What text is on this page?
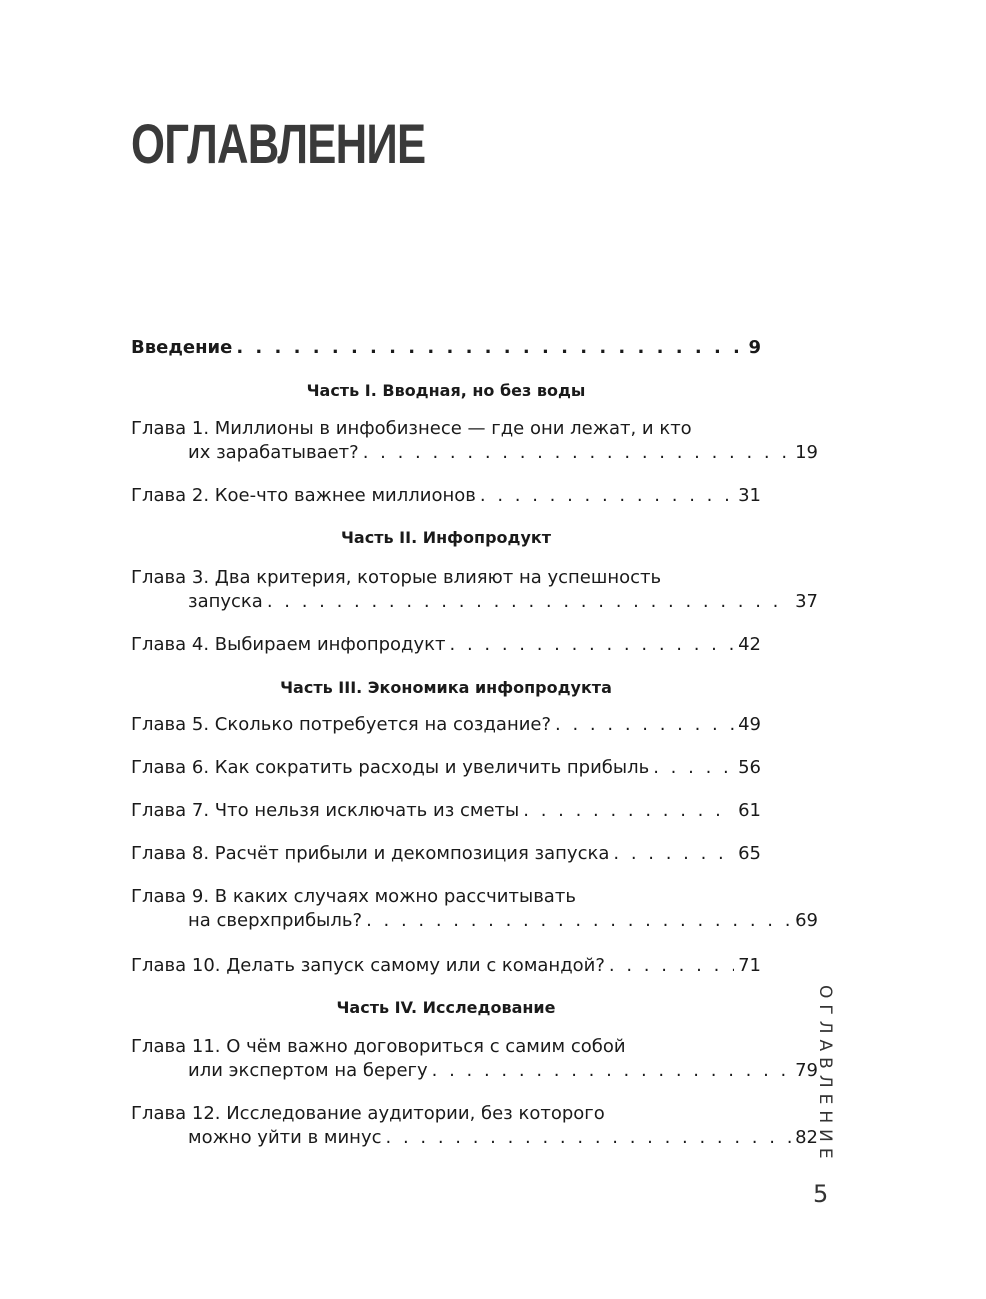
ОГЛАВЛЕНИЕ
Введение . . .	9
Часть I. Вводная, но без воды
Глава 1. Миллионы в инфобизнесе — где они лежат, и кто
их зарабатывает? . . .	19
Глава 2. Кое-что важнее миллионов . . .	31
Часть II. Инфопродукт
Глава 3. Два критерия, которые влияют на успешность
запуска . . .	37
Глава 4. Выбираем инфопродукт . . .	42
Часть III. Экономика инфопродукта
Глава 5. Сколько потребуется на создание? . . .	49
Глава 6. Как сократить расходы и увеличить прибыль . . .	56
Глава 7. Что нельзя исключать из сметы . . .	61
Глава 8. Расчёт прибыли и декомпозиция запуска . . .	65
Глава 9. В каких случаях можно рассчитывать
на сверхприбыль? . . .	69
Глава 10. Делать запуск самому или с командой? . . .	71
Часть IV. Исследование
Глава 11. О чём важно договориться с самим собой
или экспертом на берегу . . .	79
Глава 12. Исследование аудитории, без которого
можно уйти в минус . . .	82
ОГЛАВЛЕНИЕ
5
